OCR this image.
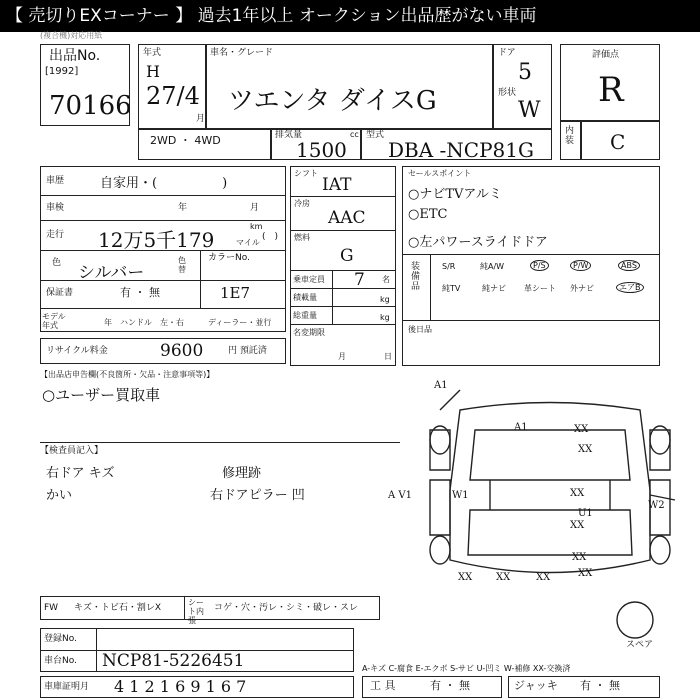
【 売切りEXコーナー 】 過去1年以上 オークション出品歴がない車両
(複合機)対応用紙
出品No.
[1992]
70166
年式
H
27/4
月
車名・グレード
ツエンタ ダイスG
ドア
5
形状
W
2WD ・ 4WD	排気量	cc
1500
型式
DBA -NCP81G
評価点
R
内装 C
車歴	自家用・(　　　　　)
車検	年	月
走行 12万5千179
km
マイル
(　)
色 シルバー
色替
カラーNo.
1E7
保証書	有 ・ 無
モデル年式	年 ハンドル 左・右	ディーラー・並行
シフト
IAT
冷房
AAC
燃料
G
乗車定員 7 名
積載量	kg
総重量	kg
名変期限
月	日
セールスポイント
○ナビTVアルミ
○ETC
○左パワースライドドア
装備品
S/R	純A/W	P/S	P/W	ABS
純TV	純ナビ 革シート 外ナビ	エアB
後日品
リサイクル料金	9600	円 預託済
【出品店申告欄(不良箇所・欠品・注意事項等)】
○ユーザー買取車
【検査員記入】
右ドア キズ
かい
修理跡
右ドアピラー 凹
A1
A1	XX
XX
W1
A V1	XX
XX
W2
U1
XX	XX
XX
XX
XX
スペア
FW キズ・トビ石・割レX
シート内張
コゲ・穴・汚レ・シミ・破レ・スレ
登録No.
車台No. NCP81-5226451	A-キズ C-腐食 E-エクボ S-サビ U-凹ミ W-補修 XX-交換済
車庫証明月 4 1 2 1 6 9 1 6 7	工 具	有 ・ 無	ジャッキ 有 ・ 無
